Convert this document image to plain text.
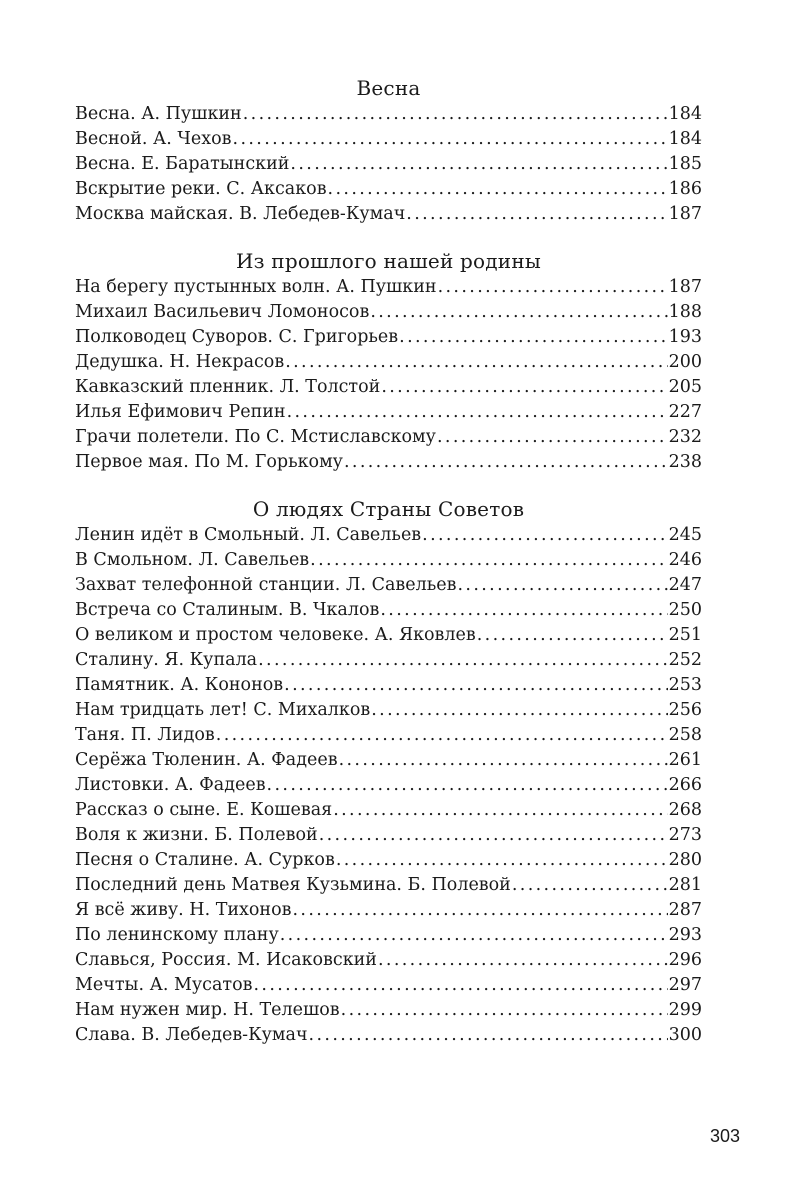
Весна
Весна. А. Пушкин . . .	184
Весной. А. Чехов . . .	184
Весна. Е. Баратынский . . .	185
Вскрытие реки. С. Аксаков . . .	186
Москва майская. В. Лебедев-Кумач . . .	187
Из прошлого нашей родины
На берегу пустынных волн. А. Пушкин . . .	187
Михаил Васильевич Ломоносов . . .	188
Полководец Суворов. С. Григорьев . . .	193
Дедушка. Н. Некрасов . . .	200
Кавказский пленник. Л. Толстой . . .	205
Илья Ефимович Репин . . .	227
Грачи полетели. По С. Мстиславскому . . .	232
Первое мая. По М. Горькому . . .	238
О людях Страны Советов
Ленин идёт в Смольный. Л. Савельев . . .	245
В Смольном. Л. Савельев . . .	246
Захват телефонной станции. Л. Савельев . . .	247
Встреча со Сталиным. В. Чкалов . . .	250
О великом и простом человеке. А. Яковлев . . .	251
Сталину. Я. Купала . . .	252
Памятник. А. Кононов . . .	253
Нам тридцать лет! С. Михалков . . .	256
Таня. П. Лидов . . .	258
Серёжа Тюленин. А. Фадеев . . .	261
Листовки. А. Фадеев . . .	266
Рассказ о сыне. Е. Кошевая . . .	268
Воля к жизни. Б. Полевой . . .	273
Песня о Сталине. А. Сурков . . .	280
Последний день Матвея Кузьмина. Б. Полевой . . .	281
Я всё живу. Н. Тихонов . . .	287
По ленинскому плану . . .	293
Славься, Россия. М. Исаковский . . .	296
Мечты. А. Мусатов . . .	297
Нам нужен мир. Н. Телешов . . .	299
Слава. В. Лебедев-Кумач . . .	300
303
